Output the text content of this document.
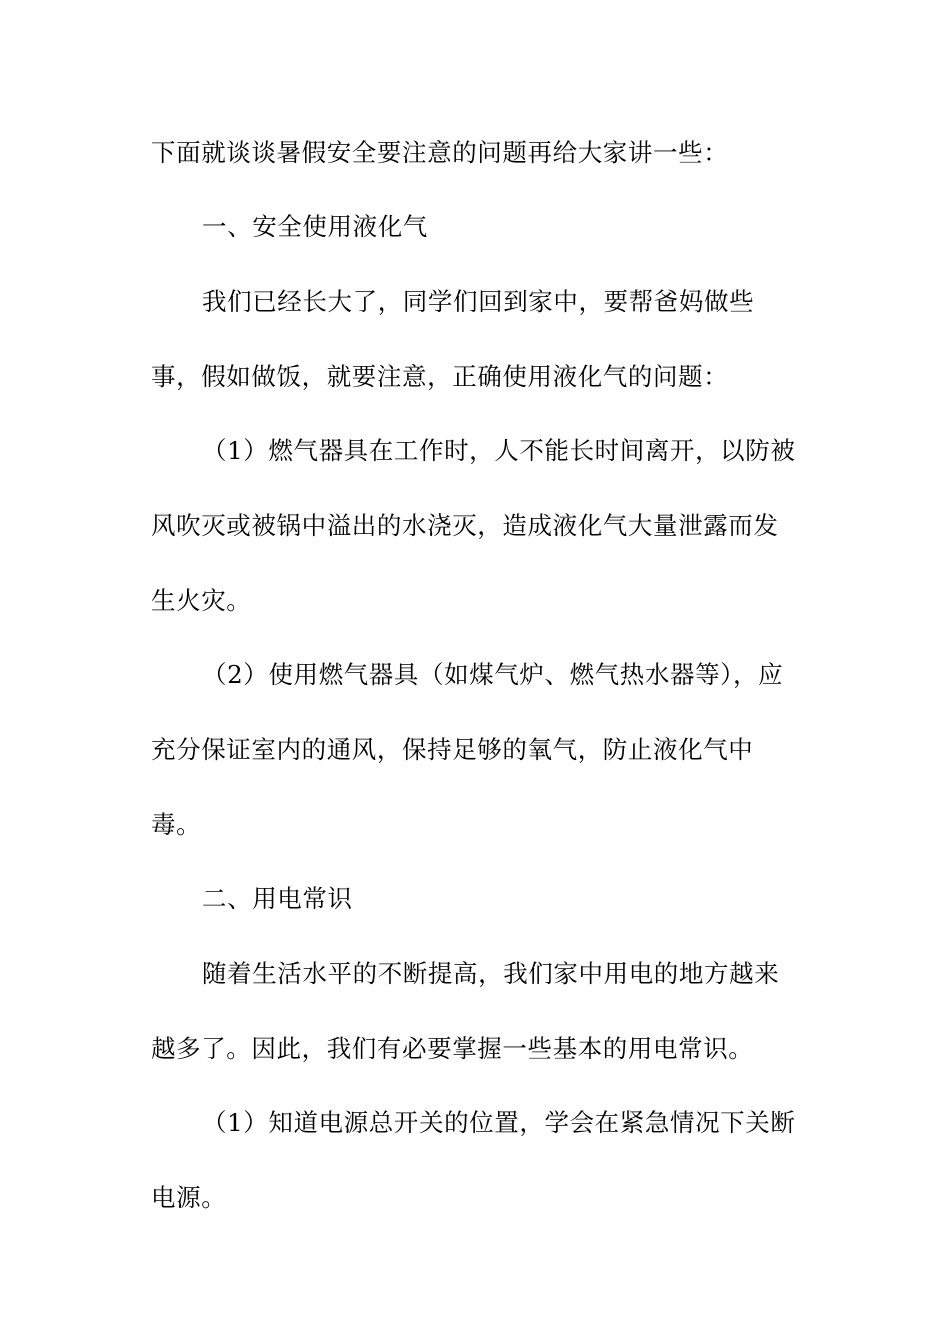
下面就谈谈暑假安全要注意的问题再给大家讲一些：
一、安全使用液化气
我们已经长大了，同学们回到家中，要帮爸妈做些
事，假如做饭，就要注意，正确使用液化气的问题：
（1）燃气器具在工作时，人不能长时间离开，以防被
风吹灭或被锅中溢出的水浇灭，造成液化气大量泄露而发
生火灾。
（2）使用燃气器具（如煤气炉、燃气热水器等），应
充分保证室内的通风，保持足够的氧气，防止液化气中
毒。
二、用电常识
随着生活水平的不断提高，我们家中用电的地方越来
越多了。因此，我们有必要掌握一些基本的用电常识。
（1）知道电源总开关的位置，学会在紧急情况下关断
电源。
